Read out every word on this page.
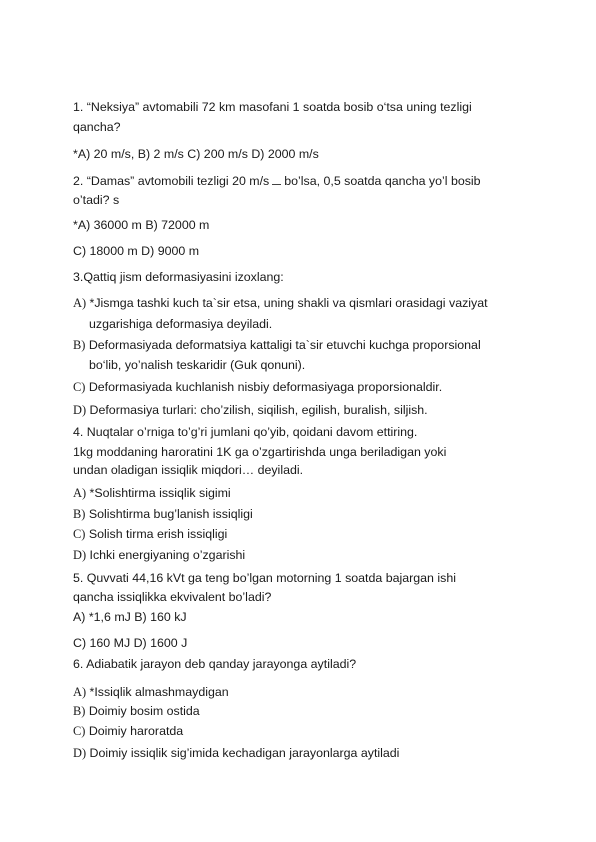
1. “Neksiya” avtomabili 72 km masofani 1 soatda bosib o‘tsa uning tezligi
qancha?
*A) 20 m/s, B) 2 m/s C) 200 m/s D) 2000 m/s
2. “Damas” avtomobili tezligi 20 m/s bo’lsa, 0,5 soatda qancha yo’l bosib
o’tadi? s
*A) 36000 m B) 72000 m
C) 18000 m D) 9000 m
3.Qattiq jism deformasiyasini izoxlang:
A) *Jismga tashki kuch ta`sir etsa, uning shakli va qismlari orasidagi vaziyat
uzgarishiga deformasiya deyiladi.
B) Deformasiyada deformatsiya kattaligi ta`sir etuvchi kuchga proporsional
bo‘lib, yo’nalish teskaridir (Guk qonuni).
C) Deformasiyada kuchlanish nisbiy deformasiyaga proporsionaldir.
D) Deformasiya turlari: cho’zilish, siqilish, egilish, buralish, siljish.
4. Nuqtalar o’rniga to’g’ri jumlani qo’yib, qoidani davom ettiring.
1kg moddaning haroratini 1K ga o’zgartirishda unga beriladigan yoki
undan oladigan issiqlik miqdori… deyiladi.
A) *Solishtirma issiqlik sigimi
B) Solishtirma bug’lanish issiqligi
C) Solish tirma erish issiqligi
D) Ichki energiyaning o’zgarishi
5. Quvvati 44,16 kVt ga teng bo’lgan motorning 1 soatda bajargan ishi
qancha issiqlikka ekvivalent bo’ladi?
A) *1,6 mJ B) 160 kJ
C) 160 MJ D) 1600 J
6. Adiabatik jarayon deb qanday jarayonga aytiladi?
A) *Issiqlik almashmaydigan
B) Doimiy bosim ostida
C) Doimiy haroratda
D) Doimiy issiqlik sig’imida kechadigan jarayonlarga aytiladi
